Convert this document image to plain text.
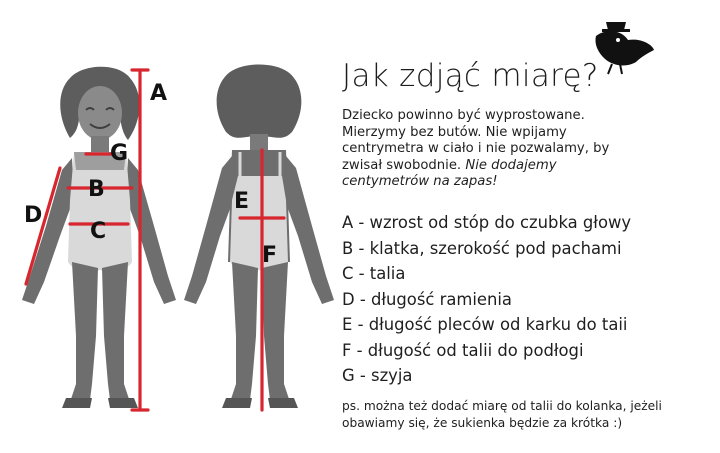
A
G
B
C
D
E
F
Jak zdjąć miarę?

Dziecko powinno być wyprostowane. Mierzymy bez butów. Nie wpijamy centrymetra w ciało i nie pozwalamy, by zwisał swobodnie. Nie dodajemy centymetrów na zapas!

A - wzrost od stóp do czubka głowy
B - klatka, szerokość pod pachami
C - talia
D - długość ramienia
E - długość pleców od karku do taii
F - długość od talii do podłogi
G - szyja

ps. można też dodać miarę od talii do kolanka, jeżeli obawiamy się, że sukienka będzie za krótka :)
